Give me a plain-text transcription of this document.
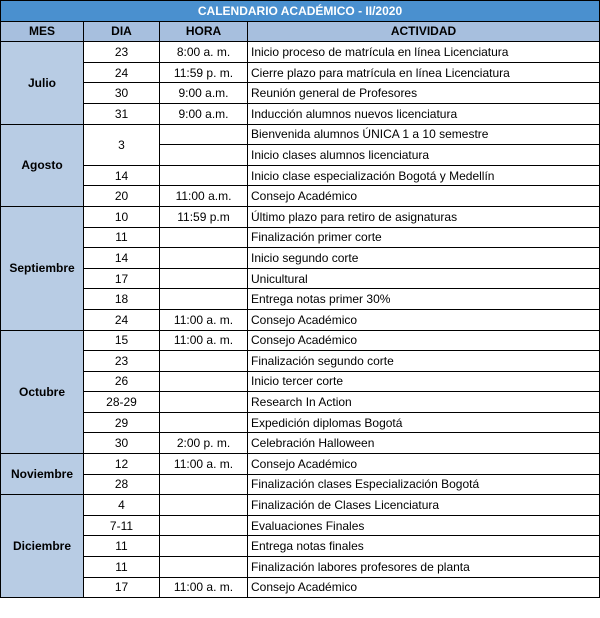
CALENDARIO ACADÉMICO - II/2020			
MES	DIA	HORA	ACTIVIDAD
Julio	23	8:00 a. m.	Inicio proceso de matrícula en línea Licenciatura
	24	11:59 p. m.	Cierre plazo para matrícula en línea Licenciatura
	30	9:00 a.m.	Reunión general de Profesores
	31	9:00 a.m.	Inducción alumnos nuevos licenciatura
Agosto	3		Bienvenida alumnos ÚNICA 1 a 10 semestre
			Inicio clases alumnos licenciatura
	14		Inicio clase especialización Bogotá y Medellín
	20	11:00 a.m.	Consejo Académico
Septiembre	10	11:59 p.m	Último plazo para retiro de asignaturas
	11		Finalización primer corte
	14		Inicio segundo corte
	17		Unicultural
	18		Entrega notas primer 30%
	24	11:00 a. m.	Consejo Académico
Octubre	15	11:00 a. m.	Consejo Académico
	23		Finalización segundo corte
	26		Inicio tercer corte
	28-29		Research In Action
	29		Expedición diplomas Bogotá
	30	2:00 p. m.	Celebración Halloween
Noviembre	12	11:00 a. m.	Consejo Académico
	28		Finalización clases Especialización Bogotá
Diciembre	4		Finalización de Clases Licenciatura
	7-11		Evaluaciones Finales
	11		Entrega notas finales
	11		Finalización labores profesores de planta
	17	11:00 a. m.	Consejo Académico
